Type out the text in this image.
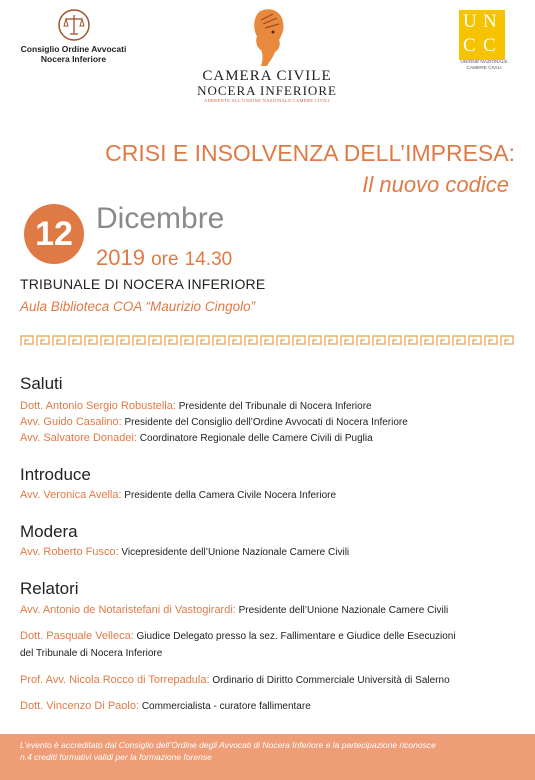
Consiglio Ordine Avvocati
Nocera Inferiore
CAMERA CIVILE
NOCERA INFERIORE
ADERENTE ALL'UNIONE NAZIONALE CAMERE CIVILI
U N
C C
UNIONE NAZIONALE
CAMERE CIVILI
CRISI E INSOLVENZA DELL’IMPRESA:
Il nuovo codice
12 Dicembre
2019 ore 14.30
TRIBUNALE DI NOCERA INFERIORE
Aula Biblioteca COA “Maurizio Cingolo”
Saluti
Dott. Antonio Sergio Robustella: Presidente del Tribunale di Nocera Inferiore
Avv. Guido Casalino: Presidente del Consiglio dell’Ordine Avvocati di Nocera Inferiore
Avv. Salvatore Donadei: Coordinatore Regionale delle Camere Civili di Puglia
Introduce
Avv. Veronica Avella: Presidente della Camera Civile Nocera Inferiore
Modera
Avv. Roberto Fusco: Vicepresidente dell’Unione Nazionale Camere Civili
Relatori
Avv. Antonio de Notaristefani di Vastogirardi: Presidente dell’Unione Nazionale Camere Civili
Dott. Pasquale Velleca: Giudice Delegato presso la sez. Fallimentare e Giudice delle Esecuzioni
del Tribunale di Nocera Inferiore
Prof. Avv. Nicola Rocco di Torrepadula: Ordinario di Diritto Commerciale Università di Salerno
Dott. Vincenzo Di Paolo: Commercialista - curatore fallimentare
L’evento è accreditato dal Consiglio dell’Ordine degli Avvocati di Nocera Inferiore e la partecipazione riconosce
n.4 crediti formativi validi per la formazione forense
